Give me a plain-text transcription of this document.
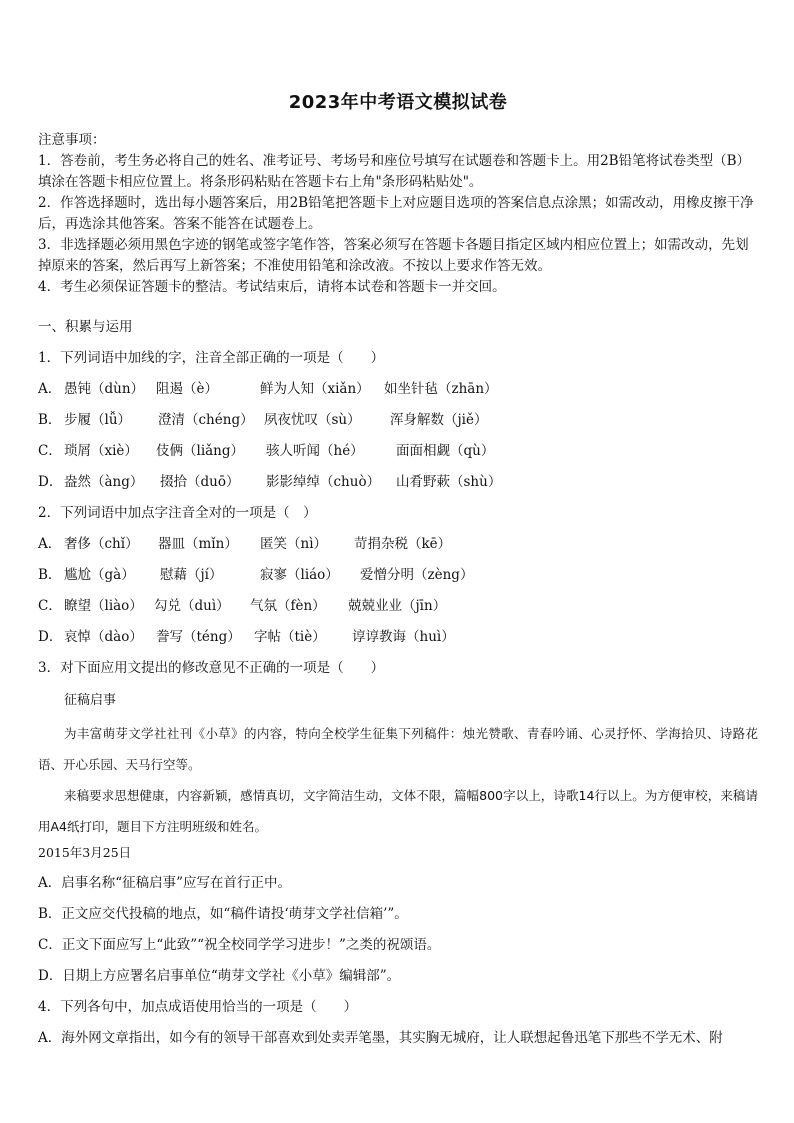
2023年中考语文模拟试卷

注意事项：

1．答卷前，考生务必将自己的姓名、准考证号、考场号和座位号填写在试题卷和答题卡上。用2B铅笔将试卷类型（B）填涂在答题卡相应位置上。将条形码粘贴在答题卡右上角"条形码粘贴处"。

2．作答选择题时，选出每小题答案后，用2B铅笔把答题卡上对应题目选项的答案信息点涂黑；如需改动，用橡皮擦干净后，再选涂其他答案。答案不能答在试题卷上。

3．非选择题必须用黑色字迹的钢笔或签字笔作答，答案必须写在答题卡各题目指定区域内相应位置上；如需改动，先划掉原来的答案，然后再写上新答案；不准使用铅笔和涂改液。不按以上要求作答无效。

4．考生必须保证答题卡的整洁。考试结束后，请将本试卷和答题卡一并交回。

一、积累与运用

1．下列词语中加线的字，注音全部正确的一项是（　　）

A． 愚钝（dùn） 阻遏（è）	鲜为人知（xiǎn）	如坐针毡（zhān）
B． 步履（lǚ）	澄清（chéng） 夙夜忧叹（sù）	浑身解数（jiě）
C． 琐屑（xiè）	伎俩（liǎng）	骇人听闻（hé）	面面相觑（qù）
D． 盎然（àng）	掇拾（duō）	影影绰绰（chuò）	山肴野蔌（shù）

2．下列词语中加点字注音全对的一项是（　）

A． 奢侈（chǐ）	器皿（mǐn）	匿笑（nì）	苛捐杂税（kē）
B． 尴尬（gà）	慰藉（jí）	寂寥（liáo）	爱憎分明（zèng）
C． 瞭望（liào） 勾兑（duì）	气氛（fèn）	兢兢业业（jīn）
D． 哀悼（dào） 誊写（téng） 字帖（tiè）	谆谆教诲（huì）

3．对下面应用文提出的修改意见不正确的一项是（　　）

征稿启事

为丰富萌芽文学社社刊《小草》的内容，特向全校学生征集下列稿件：烛光赞歌、青春吟诵、心灵抒怀、学海拾贝、诗路花语、开心乐园、天马行空等。

来稿要求思想健康，内容新颖，感情真切，文字简洁生动，文体不限，篇幅800字以上，诗歌14行以上。为方便审校，来稿请用A4纸打印，题目下方注明班级和姓名。

2015年3月25日

A．启事名称“征稿启事”应写在首行正中。

B．正文应交代投稿的地点，如“稿件请投‘萌芽文学社信箱’”。

C．正文下面应写上“此致”“祝全校同学学习进步！”之类的祝颂语。

D．日期上方应署名启事单位“萌芽文学社《小草》编辑部”。

4．下列各句中，加点成语使用恰当的一项是（　　）

A．海外网文章指出，如今有的领导干部喜欢到处卖弄笔墨，其实胸无城府，让人联想起鲁迅笔下那些不学无术、附
